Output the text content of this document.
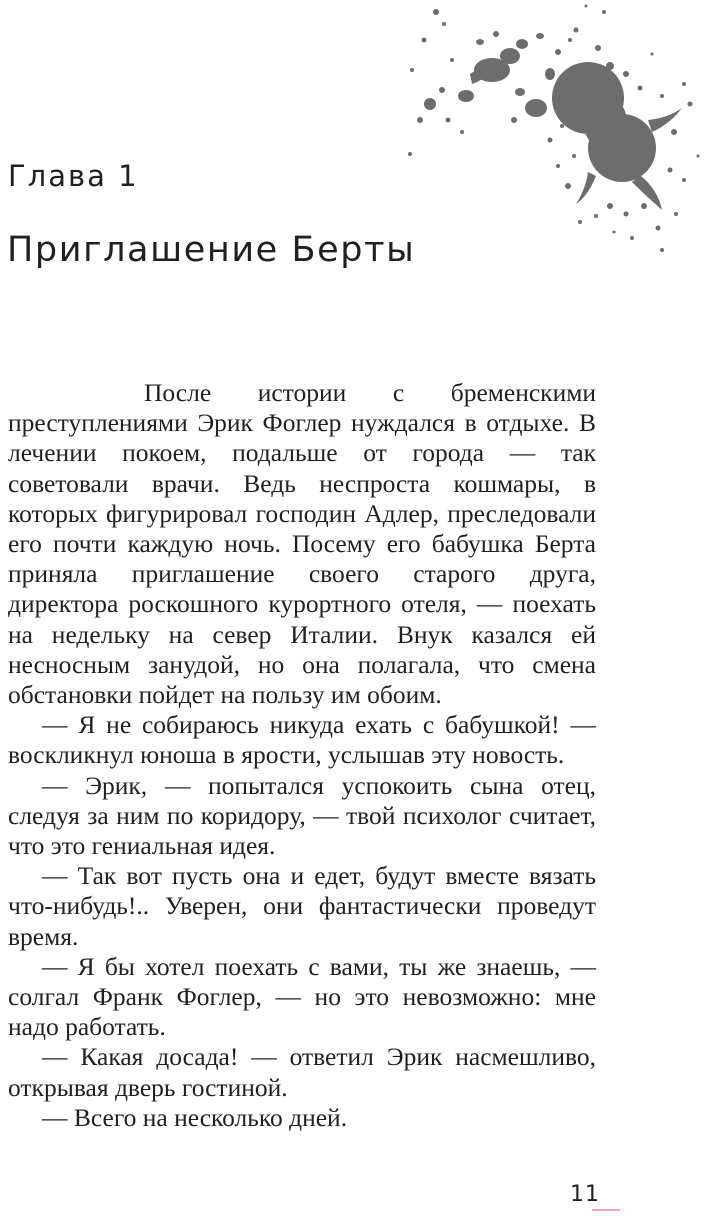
Глава 1
Приглашение Берты

После истории с бременскими преступлениями Эрик Фоглер нуждался в отдыхе. В лечении покоем, подальше от города — так советовали врачи. Ведь неспроста кошмары, в которых фигурировал господин Адлер, преследовали его почти каждую ночь. Посему его бабушка Берта приняла приглашение своего старого друга, директора роскошного курортного отеля, — поехать на недельку на север Италии. Внук казался ей несносным занудой, но она полагала, что смена обстановки пойдет на пользу им обоим.

— Я не собираюсь никуда ехать с бабушкой! — воскликнул юноша в ярости, услышав эту новость.

— Эрик, — попытался успокоить сына отец, следуя за ним по коридору, — твой психолог считает, что это гениальная идея.

— Так вот пусть она и едет, будут вместе вязать что-нибудь!.. Уверен, они фантастически проведут время.

— Я бы хотел поехать с вами, ты же знаешь, — солгал Франк Фоглер, — но это невозможно: мне надо работать.

— Какая досада! — ответил Эрик насмешливо, открывая дверь гостиной.

— Всего на несколько дней.

11
